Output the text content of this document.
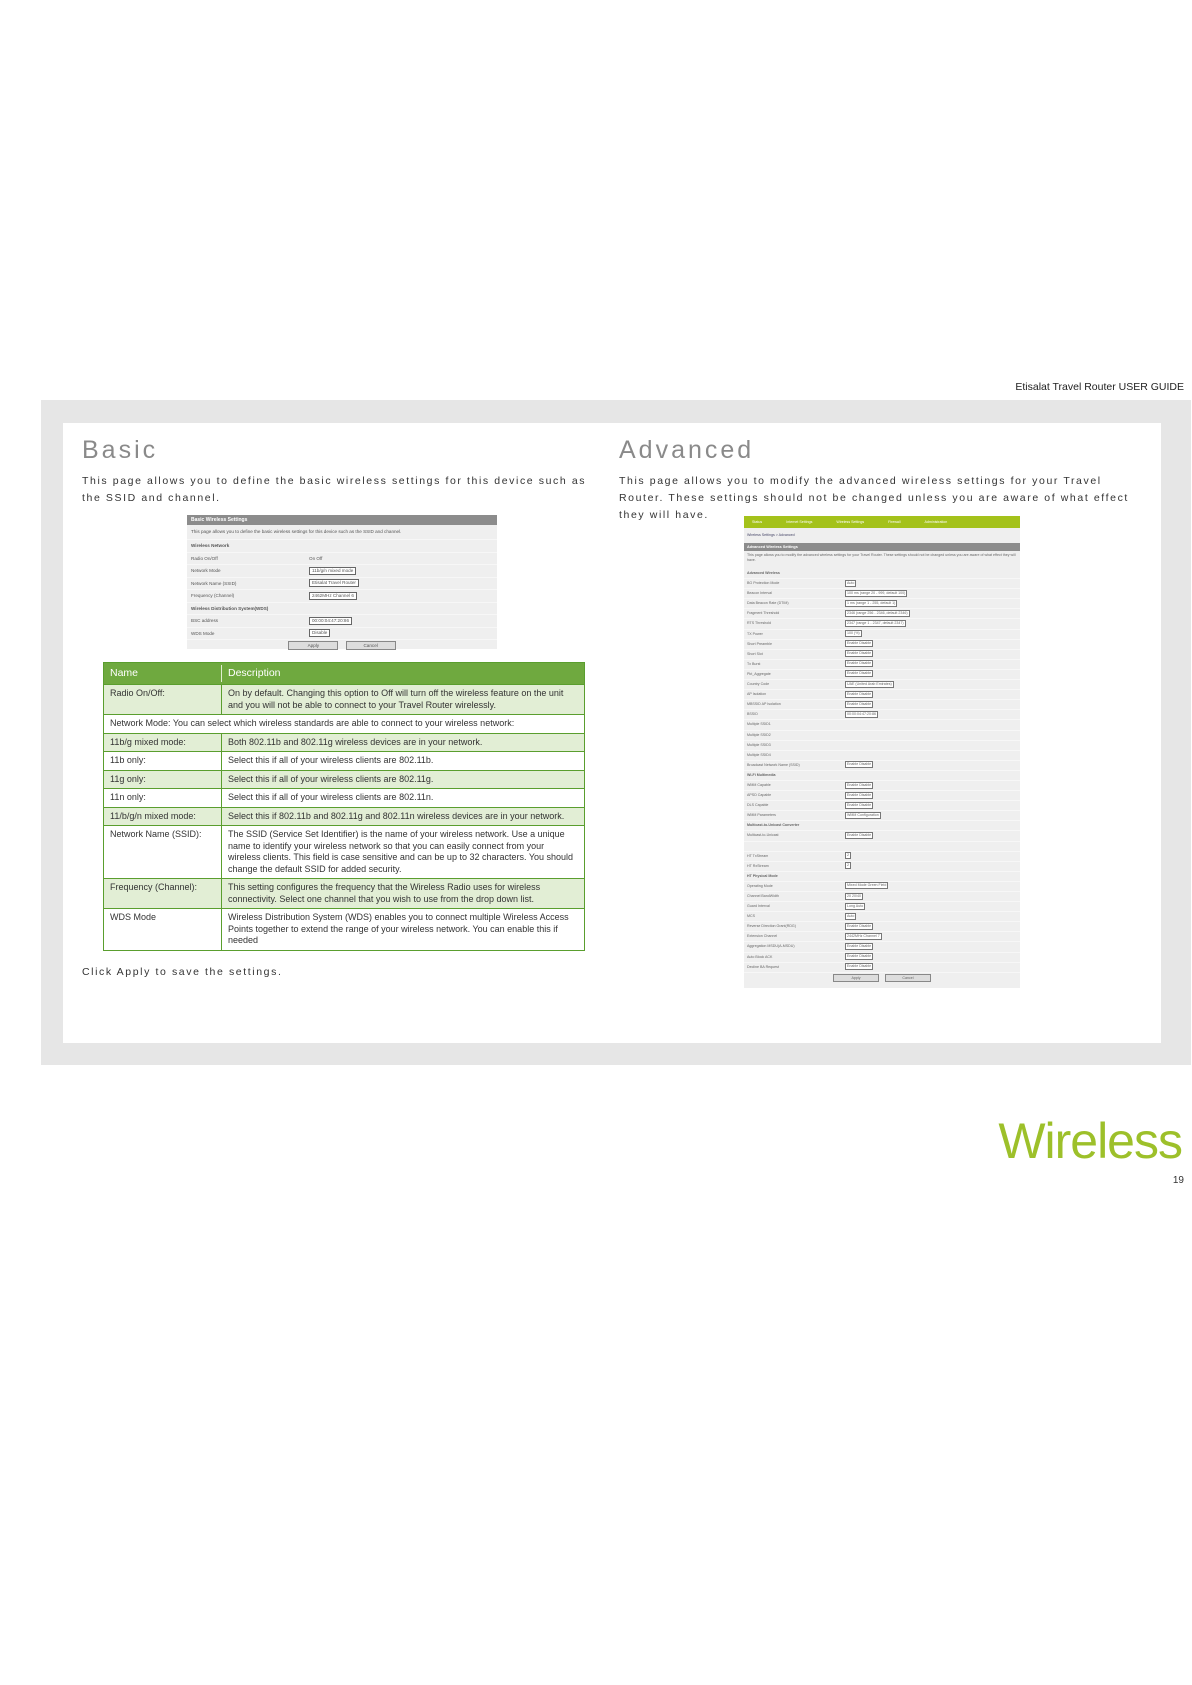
Etisalat Travel Router USER GUIDE
Basic
This page allows you to define the basic wireless settings for this device such as the SSID and channel.
Basic Wireless Settings
This page allows you to define the basic wireless settings for this device such as the SSID and channel.
Wireless Network
Radio On/Off	On Off
Network Mode	11b/g/n mixed mode
Network Name (SSID)	Etisalat Travel Router
Frequency (Channel)	2462MHz Channel 6
Wireless Distribution System(WDS)
BSC address	00:00:04:47:20:86
WDS Mode	Disable
Apply	Cancel
Name	Description
Radio On/Off:	On by default. Changing this option to Off will turn off the wireless feature on the unit and you will not be able to connect to your Travel Router wirelessly.
Network Mode: You can select which wireless standards are able to connect to your wireless network:
11b/g mixed mode:	Both 802.11b and 802.11g wireless devices are in your network.
11b only:	Select this if all of your wireless clients are 802.11b.
11g only:	Select this if all of your wireless clients are 802.11g.
11n only:	Select this if all of your wireless clients are 802.11n.
11/b/g/n mixed mode:	Select this if 802.11b and 802.11g and 802.11n wireless devices are in your network.
Network Name (SSID):	The SSID (Service Set Identifier) is the name of your wireless network. Use a unique name to identify your wireless network so that you can easily connect from your wireless clients. This field is case sensitive and can be up to 32 characters. You should change the default SSID for added security.
Frequency (Channel):	This setting configures the frequency that the Wireless Radio uses for wireless connectivity. Select one channel that you wish to use from the drop down list.
WDS Mode	Wireless Distribution System (WDS) enables you to connect multiple Wireless Access Points together to extend the range of your wireless network. You can enable this if needed
Click Apply to save the settings.
Advanced
This page allows you to modify the advanced wireless settings for your Travel Router. These settings should not be changed unless you are aware of what effect they will have.
Status	Internet Settings	Wireless Settings	Firewall	Administration
Wireless Settings > Advanced
Advanced Wireless Settings
This page allows you to modify the advanced wireless settings for your Travel Router. These settings should not be changed unless you are aware of what effect they will have.
Advanced Wireless
BG Protection Mode	Auto
Beacon Interval	100 ms (range 20 - 999, default 100)
Data Beacon Rate (DTIM)	1 ms (range 1 - 255, default 1)
Fragment Threshold	2346 (range 256 - 2346, default 2346)
RTS Threshold	2347 (range 1 - 2347, default 2347)
TX Power	100 (%)
Short Preamble	Enable Disable
Short Slot	Enable Disable
Tx Burst	Enable Disable
Pkt_Aggregate	Enable Disable
Country Code	UAE (United Arab Emirates)
AP Isolation	Enable Disable
MBSSID AP Isolation	Enable Disable
BSSID	00:00:04:47:20:86
Multiple SSID1
Multiple SSID2
Multiple SSID3
Multiple SSID4
Broadcast Network Name (SSID)	Enable Disable
Wi-Fi Multimedia
WMM Capable	Enable Disable
APSD Capable	Enable Disable
DLS Capable	Enable Disable
WMM Parameters	WMM Configuration
Multicast-to-Unicast Converter
Multicast-to-Unicast	Enable Disable
HT TxStream	2
HT RxStream	2
HT Physical Mode
Operating Mode	Mixed Mode Green Field
Channel BandWidth	20 20/40
Guard Interval	Long Auto
MCS	Auto
Reverse Direction Grant(RDG)	Enable Disable
Extension Channel	2442MHz Channel 7
Aggregation MSDU(A-MSDU)	Enable Disable
Auto Block ACK	Enable Disable
Decline BA Request	Enable Disable
Apply	Cancel
Wireless
19
